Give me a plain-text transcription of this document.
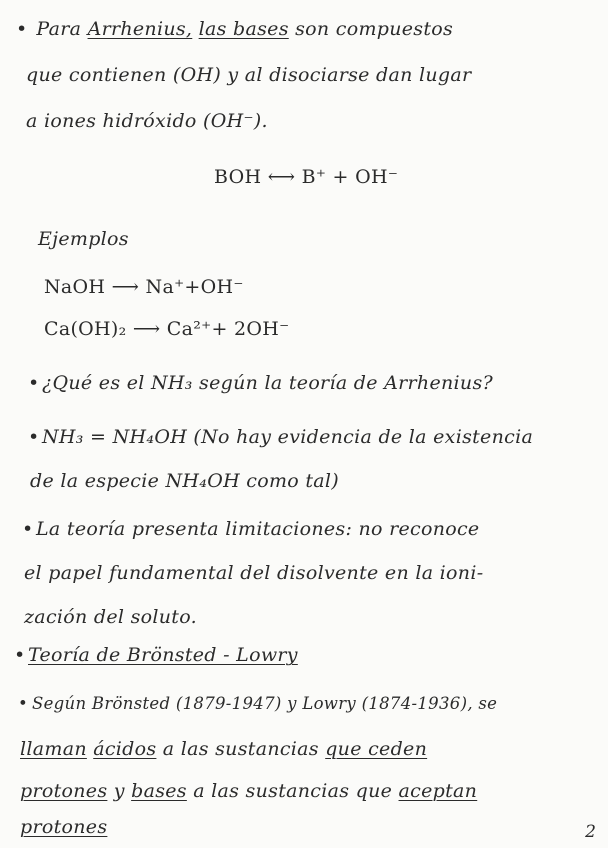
• Para Arrhenius, las bases son compuestos
que contienen (OH) y al disociarse dan lugar
a iones hidróxido (OH⁻).
BOH ⟷ B⁺ + OH⁻
Ejemplos
NaOH ⟶ Na⁺+OH⁻
Ca(OH)₂ ⟶ Ca²⁺+ 2OH⁻
• ¿Qué es el NH₃ según la teoría de Arrhenius?
• NH₃ = NH₄OH (No hay evidencia de la existencia
de la especie NH₄OH como tal)
• La teoría presenta limitaciones: no reconoce
el papel fundamental del disolvente en la ioni-
zación del soluto.
• Teoría de Brönsted - Lowry
• Según Brönsted (1879-1947) y Lowry (1874-1936), se
llaman ácidos a las sustancias que ceden
protones y bases a las sustancias que aceptan
protones	2
